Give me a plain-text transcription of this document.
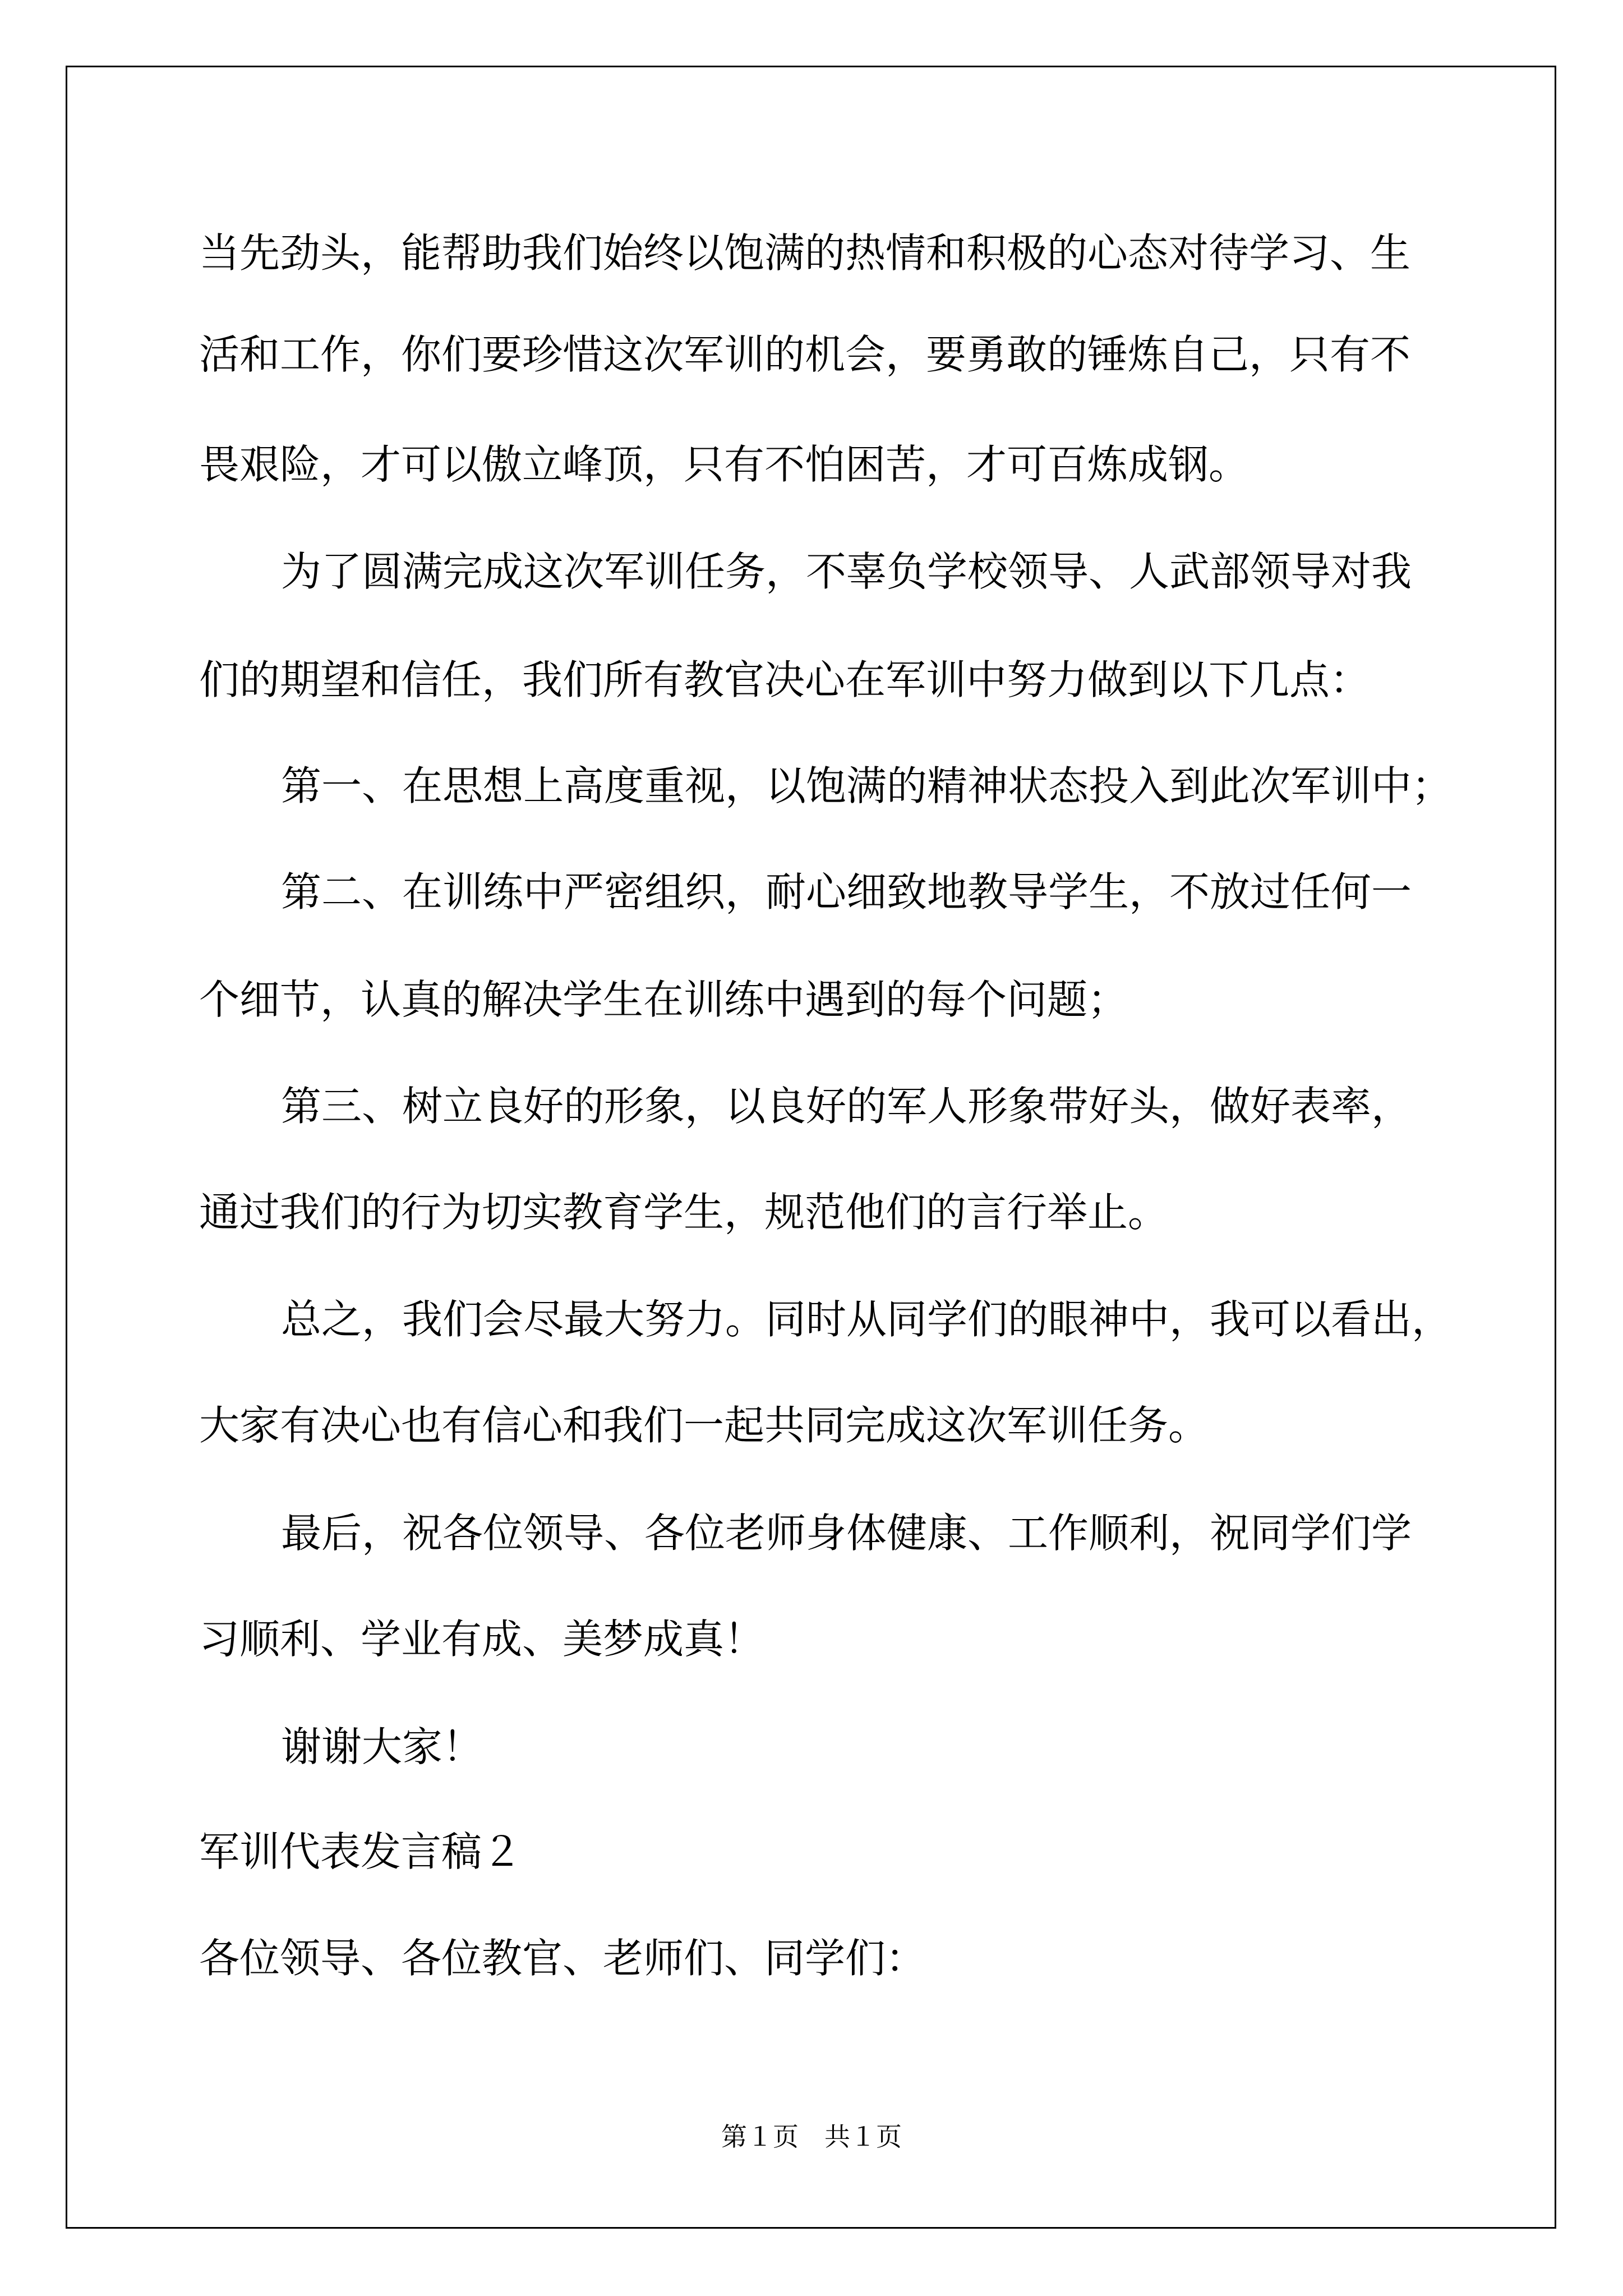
当先劲头，能帮助我们始终以饱满的热情和积极的心态对待学习、生
活和工作，你们要珍惜这次军训的机会，要勇敢的锤炼自己，只有不
畏艰险，才可以傲立峰顶，只有不怕困苦，才可百炼成钢。
为了圆满完成这次军训任务，不辜负学校领导、人武部领导对我
们的期望和信任，我们所有教官决心在军训中努力做到以下几点：
第一、在思想上高度重视，以饱满的精神状态投入到此次军训中；
第二、在训练中严密组织，耐心细致地教导学生，不放过任何一
个细节，认真的解决学生在训练中遇到的每个问题；
第三、树立良好的形象，以良好的军人形象带好头，做好表率，
通过我们的行为切实教育学生，规范他们的言行举止。
总之，我们会尽最大努力。同时从同学们的眼神中，我可以看出，
大家有决心也有信心和我们一起共同完成这次军训任务。
最后，祝各位领导、各位老师身体健康、工作顺利，祝同学们学
习顺利、学业有成、美梦成真！
谢谢大家！
军训代表发言稿２
各位领导、各位教官、老师们、同学们：
第１页　共１页
